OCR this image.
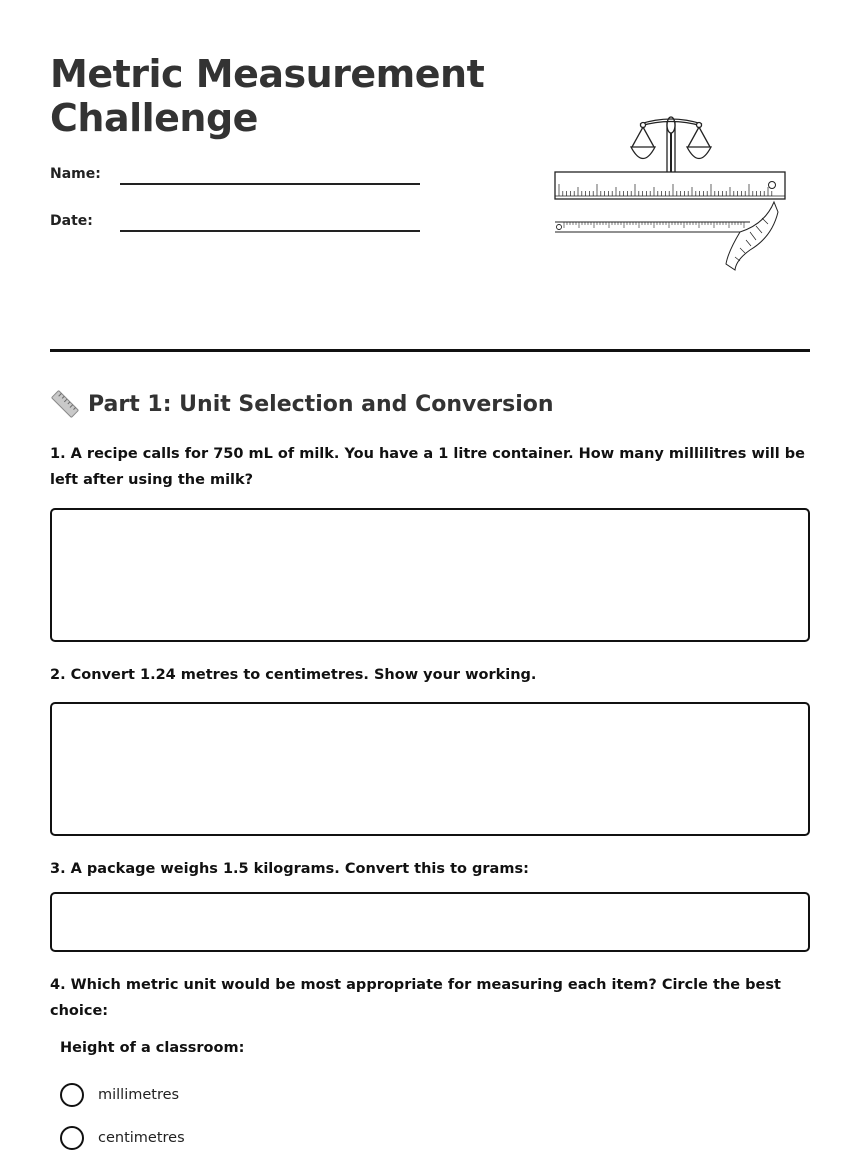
Metric Measurement Challenge
Name:
Date:
Part 1: Unit Selection and Conversion
1. A recipe calls for 750 mL of milk. You have a 1 litre container. How many millilitres will be left after using the milk?
2. Convert 1.24 metres to centimetres. Show your working.
3. A package weighs 1.5 kilograms. Convert this to grams:
4. Which metric unit would be most appropriate for measuring each item? Circle the best choice:
Height of a classroom:
millimetres
centimetres
